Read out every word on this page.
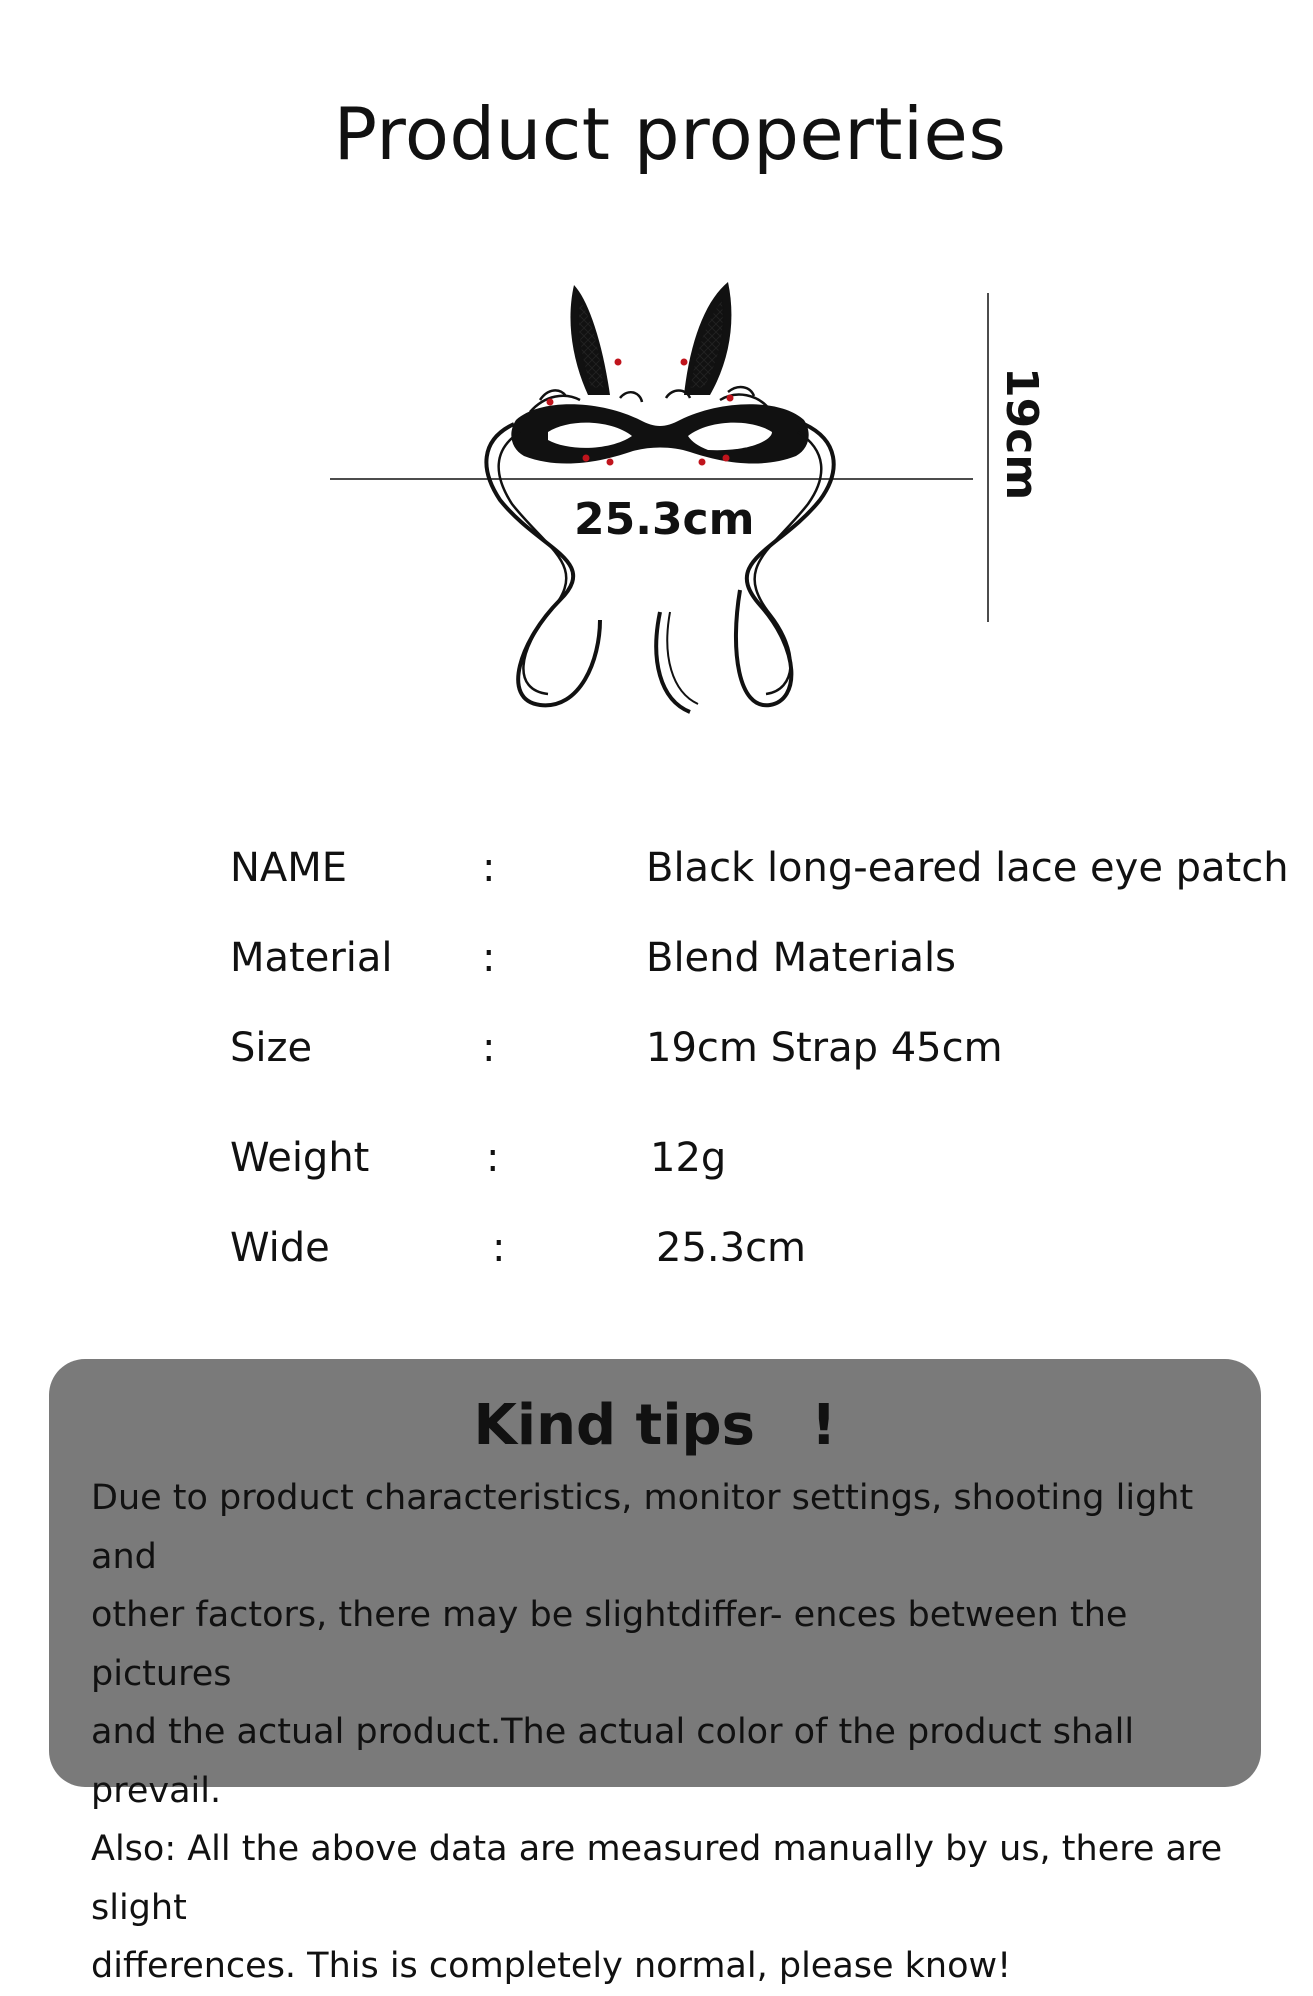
Product properties
25.3cm
19cm
NAME	:	Black long-eared lace eye patch
Material :	Blend Materials
Size	:	19cm Strap 45cm
Weight	:	12g
Wide	:	25.3cm
Kind tips　!

Due to product characteristics, monitor settings, shooting light and
other factors, there may be slightdiffer- ences between the pictures
and the actual product.The actual color of the product shall prevail.
Also: All the above data are measured manually by us, there are slight
differences. This is completely normal, please know!
